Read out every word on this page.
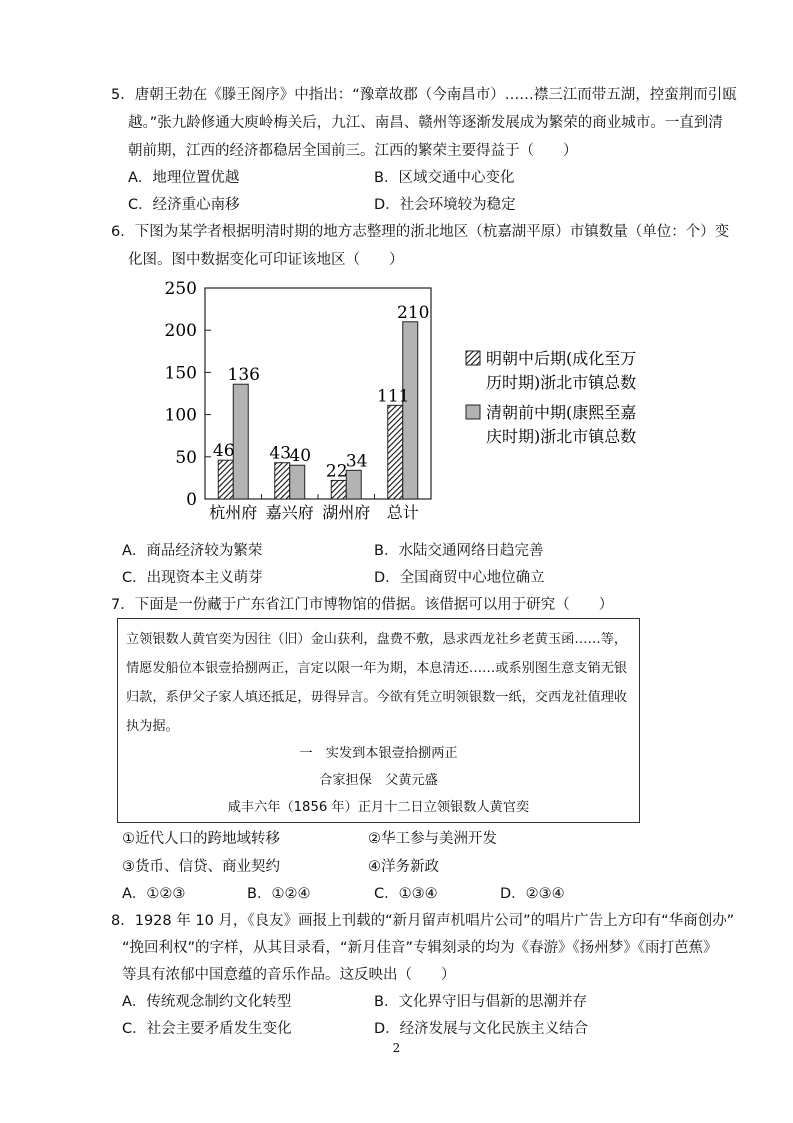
5．唐朝王勃在《滕王阁序》中指出：“豫章故郡（今南昌市）……襟三江而带五湖，控蛮荆而引瓯
越。”张九龄修通大庾岭梅关后，九江、南昌、赣州等逐渐发展成为繁荣的商业城市。一直到清
朝前期，江西的经济都稳居全国前三。江西的繁荣主要得益于（　　）
A．地理位置优越	B．区域交通中心变化
C．经济重心南移	D．社会环境较为稳定
6．下图为某学者根据明清时期的地方志整理的浙北地区（杭嘉湖平原）市镇数量（单位：个）变
化图。图中数据变化可印证该地区（　　）
0
50
100
150
200
250
46
136
杭州府
43
40
嘉兴府
22
34
湖州府
111
210
总计
明朝中后期(成化至万
历时期)浙北市镇总数
清朝前中期(康熙至嘉
庆时期)浙北市镇总数
A．商品经济较为繁荣	B．水陆交通网络日趋完善
C．出现资本主义萌芽	D．全国商贸中心地位确立
7．下面是一份藏于广东省江门市博物馆的借据。该借据可以用于研究（　　）
立领银数人黄官奕为因往（旧）金山获利，盘费不敷，恳求西龙社乡老黄玉函……等，
情愿发船位本银壹拾捌两正，言定以限一年为期，本息清还……或系别图生意支销无银
归款，系伊父子家人填还抵足，毋得异言。今欲有凭立明领银数一纸，交西龙社值理收
执为据。
一　实发到本银壹拾捌两正
合家担保　父黄元盛
咸丰六年（1856 年）正月十二日立领银数人黄官奕
①近代人口的跨地域转移	②华工参与美洲开发
③货币、信贷、商业契约	④洋务新政
A．①②③	B．①②④	C．①③④	D．②③④
8．1928 年 10 月，《良友》画报上刊载的“新月留声机唱片公司”的唱片广告上方印有“华商创办”
“挽回利权”的字样，从其目录看，“新月佳音”专辑刻录的均为《春游》《扬州梦》《雨打芭蕉》
等具有浓郁中国意蕴的音乐作品。这反映出（　　）
A．传统观念制约文化转型	B．文化界守旧与倡新的思潮并存
C．社会主要矛盾发生变化	D．经济发展与文化民族主义结合
2
